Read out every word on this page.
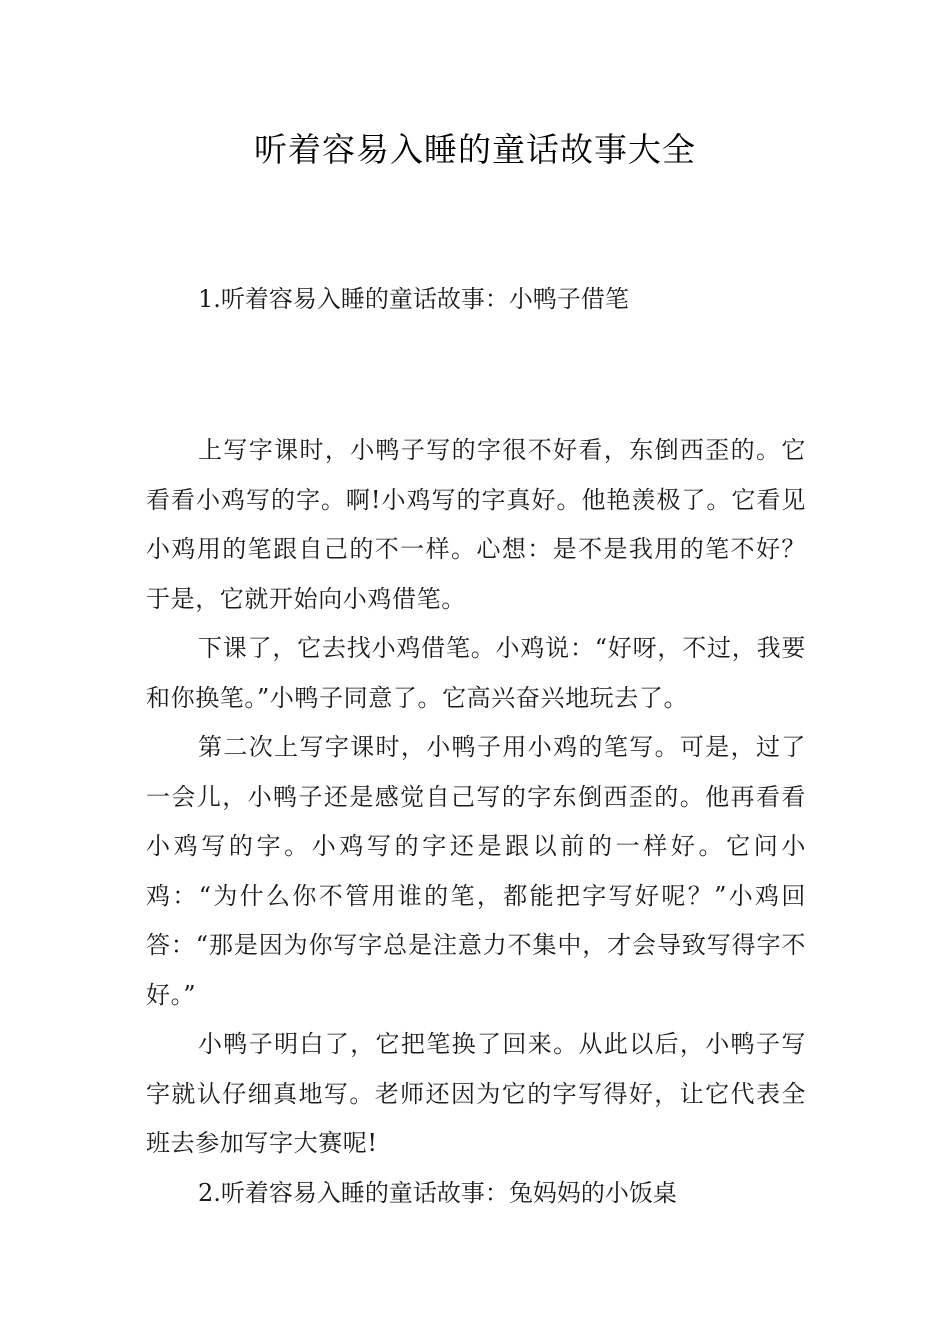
听着容易入睡的童话故事大全

1.听着容易入睡的童话故事：小鸭子借笔

上写字课时，小鸭子写的字很不好看，东倒西歪的。它看看小鸡写的字。啊!小鸡写的字真好。他艳羡极了。它看见小鸡用的笔跟自己的不一样。心想：是不是我用的笔不好？于是，它就开始向小鸡借笔。

下课了，它去找小鸡借笔。小鸡说：“好呀，不过，我要和你换笔。”小鸭子同意了。它高兴奋兴地玩去了。

第二次上写字课时，小鸭子用小鸡的笔写。可是，过了一会儿，小鸭子还是感觉自己写的字东倒西歪的。他再看看小鸡写的字。小鸡写的字还是跟以前的一样好。它问小鸡：“为什么你不管用谁的笔，都能把字写好呢？”小鸡回答：“那是因为你写字总是注意力不集中，才会导致写得字不好。”

小鸭子明白了，它把笔换了回来。从此以后，小鸭子写字就认仔细真地写。老师还因为它的字写得好，让它代表全班去参加写字大赛呢!

2.听着容易入睡的童话故事：兔妈妈的小饭桌
